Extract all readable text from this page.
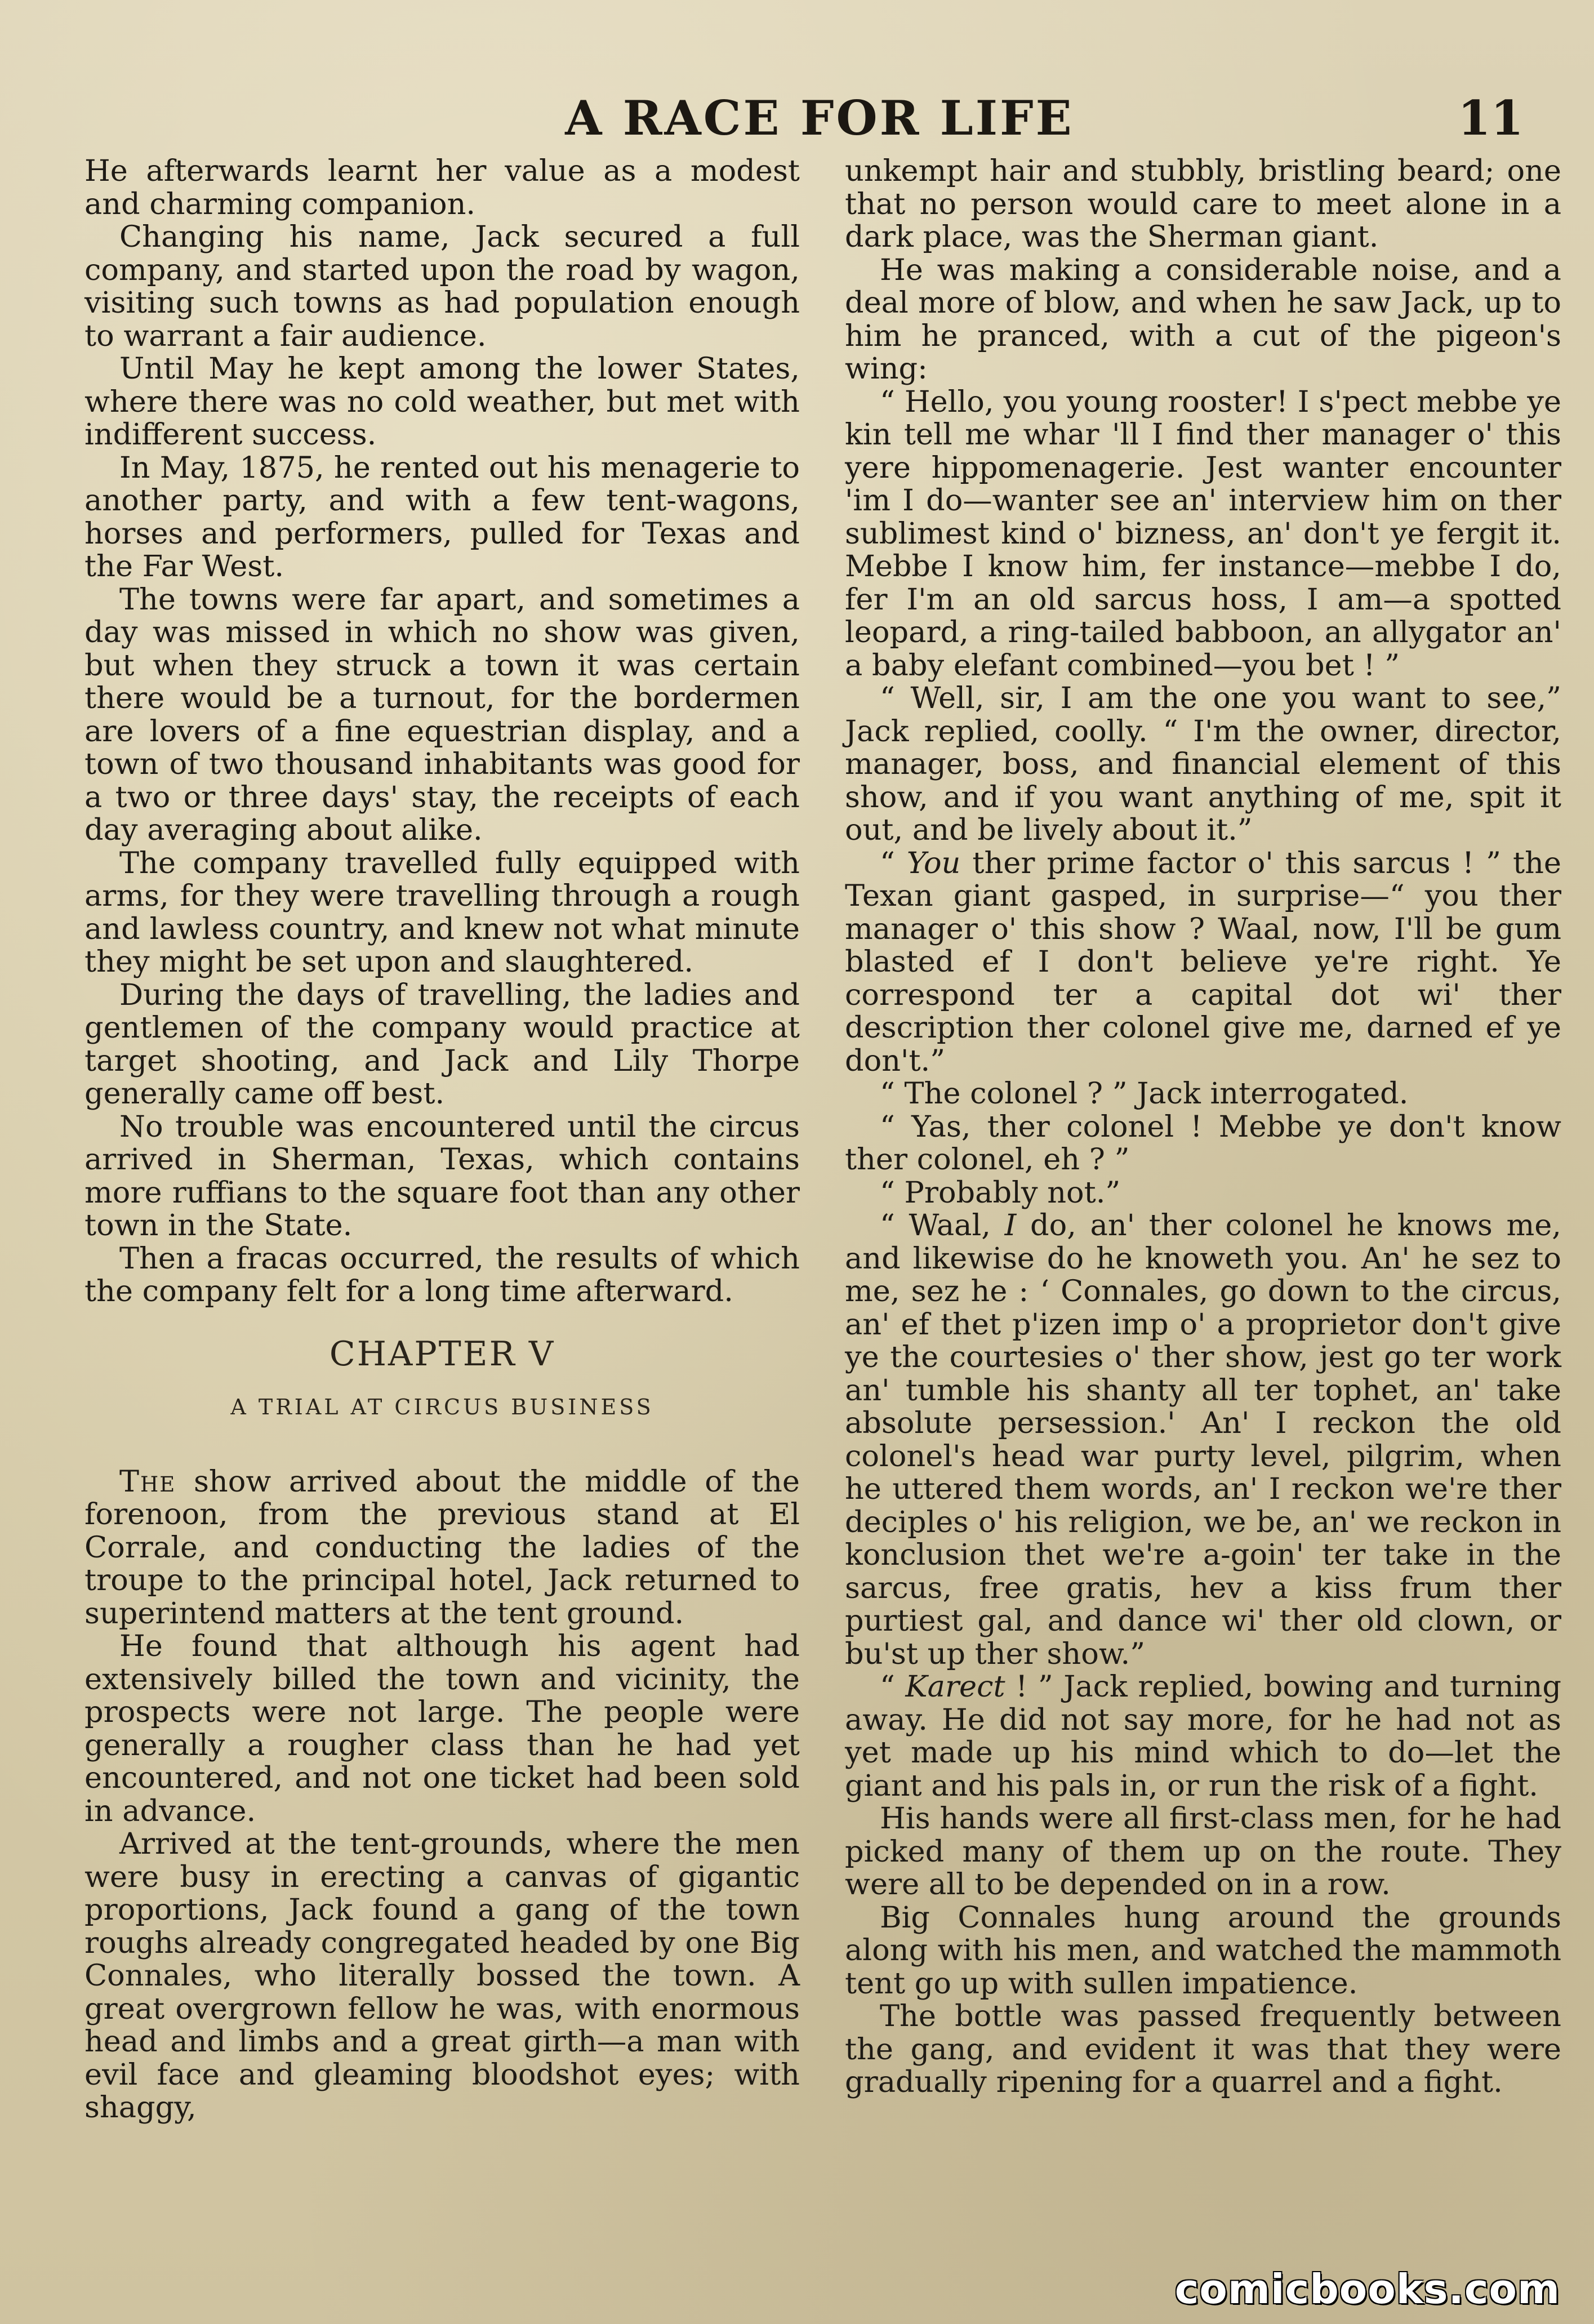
A RACE FOR LIFE	11

He afterwards learnt her value as a modest and charming companion.

Changing his name, Jack secured a full company, and started upon the road by wagon, visiting such towns as had population enough to warrant a fair audience.

Until May he kept among the lower States, where there was no cold weather, but met with indifferent success.

In May, 1875, he rented out his menagerie to another party, and with a few tent-wagons, horses and performers, pulled for Texas and the Far West.

The towns were far apart, and sometimes a day was missed in which no show was given, but when they struck a town it was certain there would be a turnout, for the bordermen are lovers of a fine equestrian display, and a town of two thousand inhabitants was good for a two or three days' stay, the receipts of each day averaging about alike.

The company travelled fully equipped with arms, for they were travelling through a rough and lawless country, and knew not what minute they might be set upon and slaughtered.

During the days of travelling, the ladies and gentlemen of the company would practice at target shooting, and Jack and Lily Thorpe generally came off best.

No trouble was encountered until the circus arrived in Sherman, Texas, which contains more ruffians to the square foot than any other town in the State.

Then a fracas occurred, the results of which the company felt for a long time afterward.

CHAPTER V
A TRIAL AT CIRCUS BUSINESS

The show arrived about the middle of the forenoon, from the previous stand at El Corrale, and conducting the ladies of the troupe to the principal hotel, Jack returned to superintend matters at the tent ground.

He found that although his agent had extensively billed the town and vicinity, the prospects were not large. The people were generally a rougher class than he had yet encountered, and not one ticket had been sold in advance.

Arrived at the tent-grounds, where the men were busy in erecting a canvas of gigantic proportions, Jack found a gang of the town roughs already congregated headed by one Big Connales, who literally bossed the town. A great overgrown fellow he was, with enormous head and limbs and a great girth—a man with evil face and gleaming bloodshot eyes; with shaggy,

unkempt hair and stubbly, bristling beard; one that no person would care to meet alone in a dark place, was the Sherman giant.

He was making a considerable noise, and a deal more of blow, and when he saw Jack, up to him he pranced, with a cut of the pigeon's wing:

“ Hello, you young rooster! I s'pect mebbe ye kin tell me whar 'll I find ther manager o' this yere hippomenagerie. Jest wanter encounter 'im I do—wanter see an' interview him on ther sublimest kind o' bizness, an' don't ye fergit it. Mebbe I know him, fer instance—mebbe I do, fer I'm an old sarcus hoss, I am—a spotted leopard, a ring-tailed babboon, an allygator an' a baby elefant combined—you bet ! ”

“ Well, sir, I am the one you want to see,” Jack replied, coolly. “ I'm the owner, director, manager, boss, and financial element of this show, and if you want anything of me, spit it out, and be lively about it.”

“ You ther prime factor o' this sarcus ! ” the Texan giant gasped, in surprise—“ you ther manager o' this show ? Waal, now, I'll be gum blasted ef I don't believe ye're right. Ye correspond ter a capital dot wi' ther description ther colonel give me, darned ef ye don't.”

“ The colonel ? ” Jack interrogated.

“ Yas, ther colonel ! Mebbe ye don't know ther colonel, eh ? ”

“ Probably not.”

“ Waal, I do, an' ther colonel he knows me, and likewise do he knoweth you. An' he sez to me, sez he : ‘ Connales, go down to the circus, an' ef thet p'izen imp o' a proprietor don't give ye the courtesies o' ther show, jest go ter work an' tumble his shanty all ter tophet, an' take absolute persession.' An' I reckon the old colonel's head war purty level, pilgrim, when he uttered them words, an' I reckon we're ther deciples o' his religion, we be, an' we reckon in konclusion thet we're a-goin' ter take in the sarcus, free gratis, hev a kiss frum ther purtiest gal, and dance wi' ther old clown, or bu'st up ther show.”

“ Karect ! ” Jack replied, bowing and turning away. He did not say more, for he had not as yet made up his mind which to do—let the giant and his pals in, or run the risk of a fight.

His hands were all first-class men, for he had picked many of them up on the route. They were all to be depended on in a row.

Big Connales hung around the grounds along with his men, and watched the mammoth tent go up with sullen impatience.

The bottle was passed frequently between the gang, and evident it was that they were gradually ripening for a quarrel and a fight.

comicbooks.com
